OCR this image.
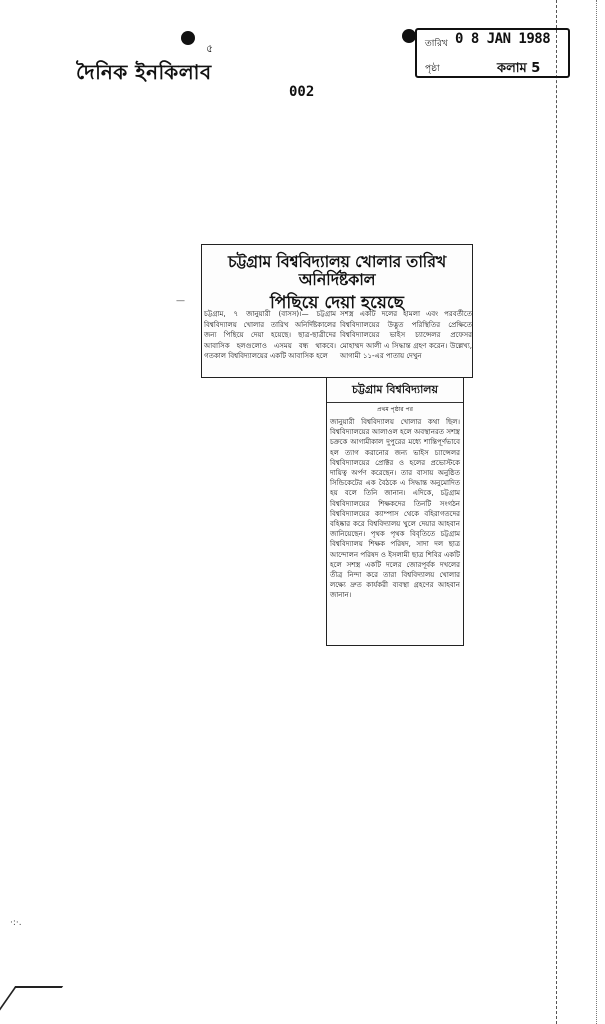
৫
দৈনিক ইনকিলাব
002
তারিখ 0 8 JAN 1988
পৃষ্ঠা	কলাম 5
চট্টগ্রাম বিশ্ববিদ্যালয় খোলার তারিখ অনির্দিষ্টকাল
পিছিয়ে দেয়া হয়েছে
চট্টগ্রাম, ৭ জানুয়ারী (বাসস)।— চট্টগ্রাম বিশ্ববিদ্যালয় খোলার তারিখ অনির্দিষ্টকালের জন্য পিছিয়ে দেয়া হয়েছে। ছাত্র-ছাত্রীদের আবাসিক হলগুলোও এসময় বন্ধ থাকবে। গতকাল বিশ্ববিদ্যালয়ের একটি আবাসিক হলে
সশস্ত্র একটি দলের হামলা এবং পরবর্তীতে বিশ্ববিদ্যালয়ের উদ্ভূত পরিস্থিতির প্রেক্ষিতে বিশ্ববিদ্যালয়ের ভাইস চ্যান্সেলর প্রফেসর মোহাম্মদ আলী এ সিদ্ধান্ত গ্রহণ করেন। উল্লেখ্য, আগামী ১১-এর পাতায় দেখুন
চট্টগ্রাম বিশ্ববিদ্যালয়
প্রথম পৃষ্ঠার পর
জানুয়ারী বিশ্ববিদ্যালয় খোলার কথা ছিল। বিশ্ববিদ্যালয়ের আলাওল হলে অবস্থানরত সশস্ত্র চক্রকে আগামীকাল দুপুরের মধ্যে শান্তিপূর্ণভাবে হল ত্যাগ করানোর জন্য ভাইস চ্যান্সেলর বিশ্ববিদ্যালয়ের প্রোক্টর ও হলের প্রভোস্টকে দায়িত্ব অর্পণ করেছেন। তার বাসায় অনুষ্ঠিত সিন্ডিকেটের এক বৈঠকে এ সিদ্ধান্ত অনুমোদিত হয় বলে তিনি জানান। এদিকে, চট্টগ্রাম বিশ্ববিদ্যালয়ের শিক্ষকদের তিনটি সংগঠন বিশ্ববিদ্যালয়ের ক্যাম্পাস থেকে বহিরাগতদের বহিষ্কার করে বিশ্ববিদ্যালয় খুলে দেয়ার আহবান জানিয়েছেন। পৃথক পৃথক বিবৃতিতে চট্টগ্রাম বিশ্ববিদ্যালয় শিক্ষক পরিষদ, সাদা দল ছাত্র আন্দোলন পরিষদ ও ইসলামী ছাত্র শিবির একটি হলে সশস্ত্র একটি দলের জোরপূর্বক দখলের তীব্র নিন্দা করে তারা বিশ্ববিদ্যালয় খোলার লক্ষ্যে দ্রুত কার্যকরী ব্যবস্থা গ্রহণের আহবান জানান।
—
·:·.
